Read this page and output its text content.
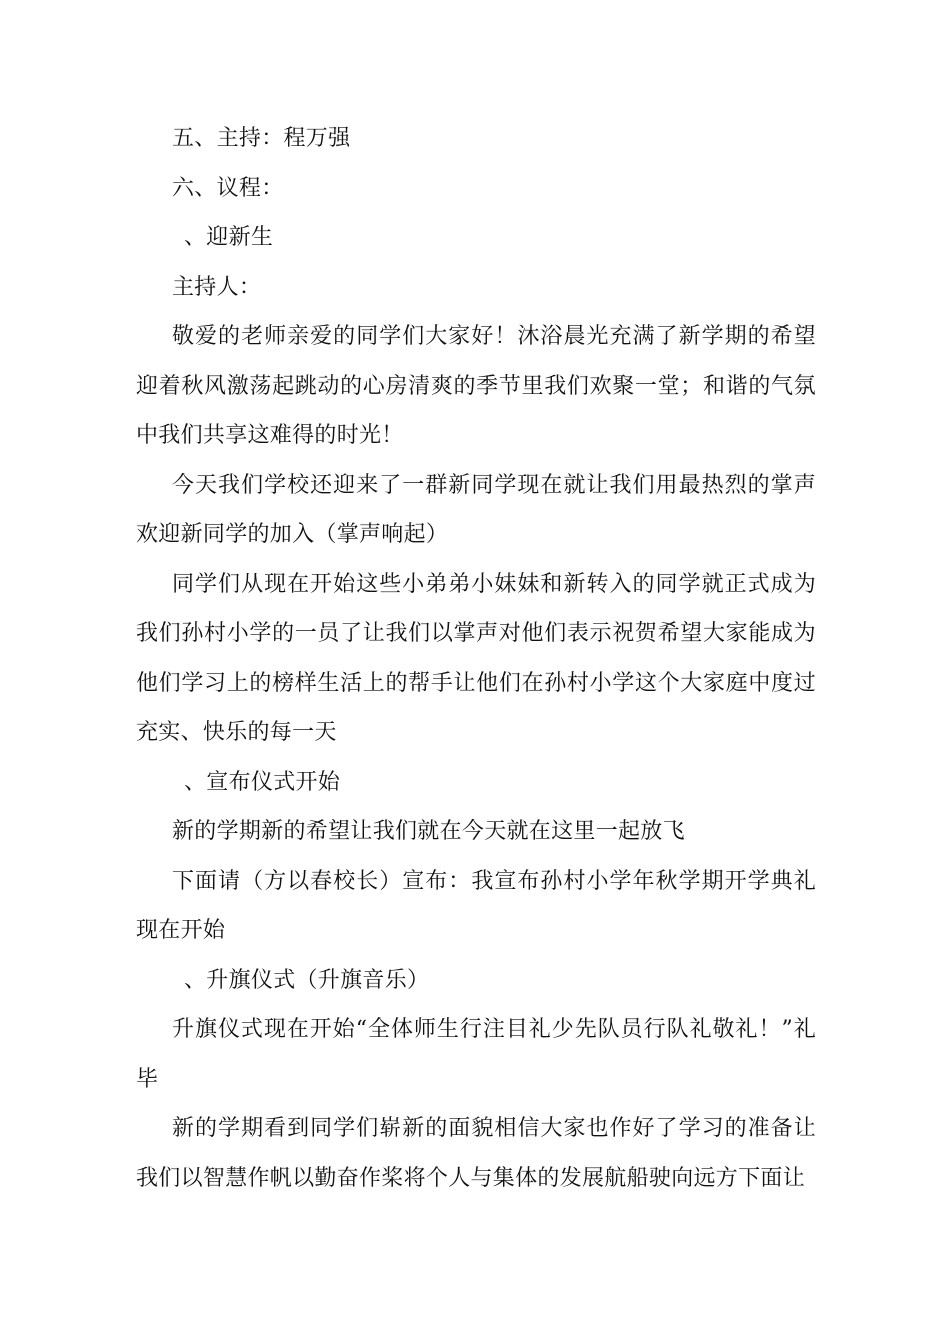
五、主持：程万强

六、议程：

、迎新生

主持人：

敬爱的老师亲爱的同学们大家好！沐浴晨光充满了新学期的希望迎着秋风激荡起跳动的心房清爽的季节里我们欢聚一堂；和谐的气氛中我们共享这难得的时光！

今天我们学校还迎来了一群新同学现在就让我们用最热烈的掌声欢迎新同学的加入（掌声响起）

同学们从现在开始这些小弟弟小妹妹和新转入的同学就正式成为我们孙村小学的一员了让我们以掌声对他们表示祝贺希望大家能成为他们学习上的榜样生活上的帮手让他们在孙村小学这个大家庭中度过充实、快乐的每一天

、宣布仪式开始

新的学期新的希望让我们就在今天就在这里一起放飞

下面请（方以春校长）宣布：我宣布孙村小学年秋学期开学典礼现在开始

、升旗仪式（升旗音乐）

升旗仪式现在开始“全体师生行注目礼少先队员行队礼敬礼！”礼毕

新的学期看到同学们崭新的面貌相信大家也作好了学习的准备让我们以智慧作帆以勤奋作桨将个人与集体的发展航船驶向远方下面让
